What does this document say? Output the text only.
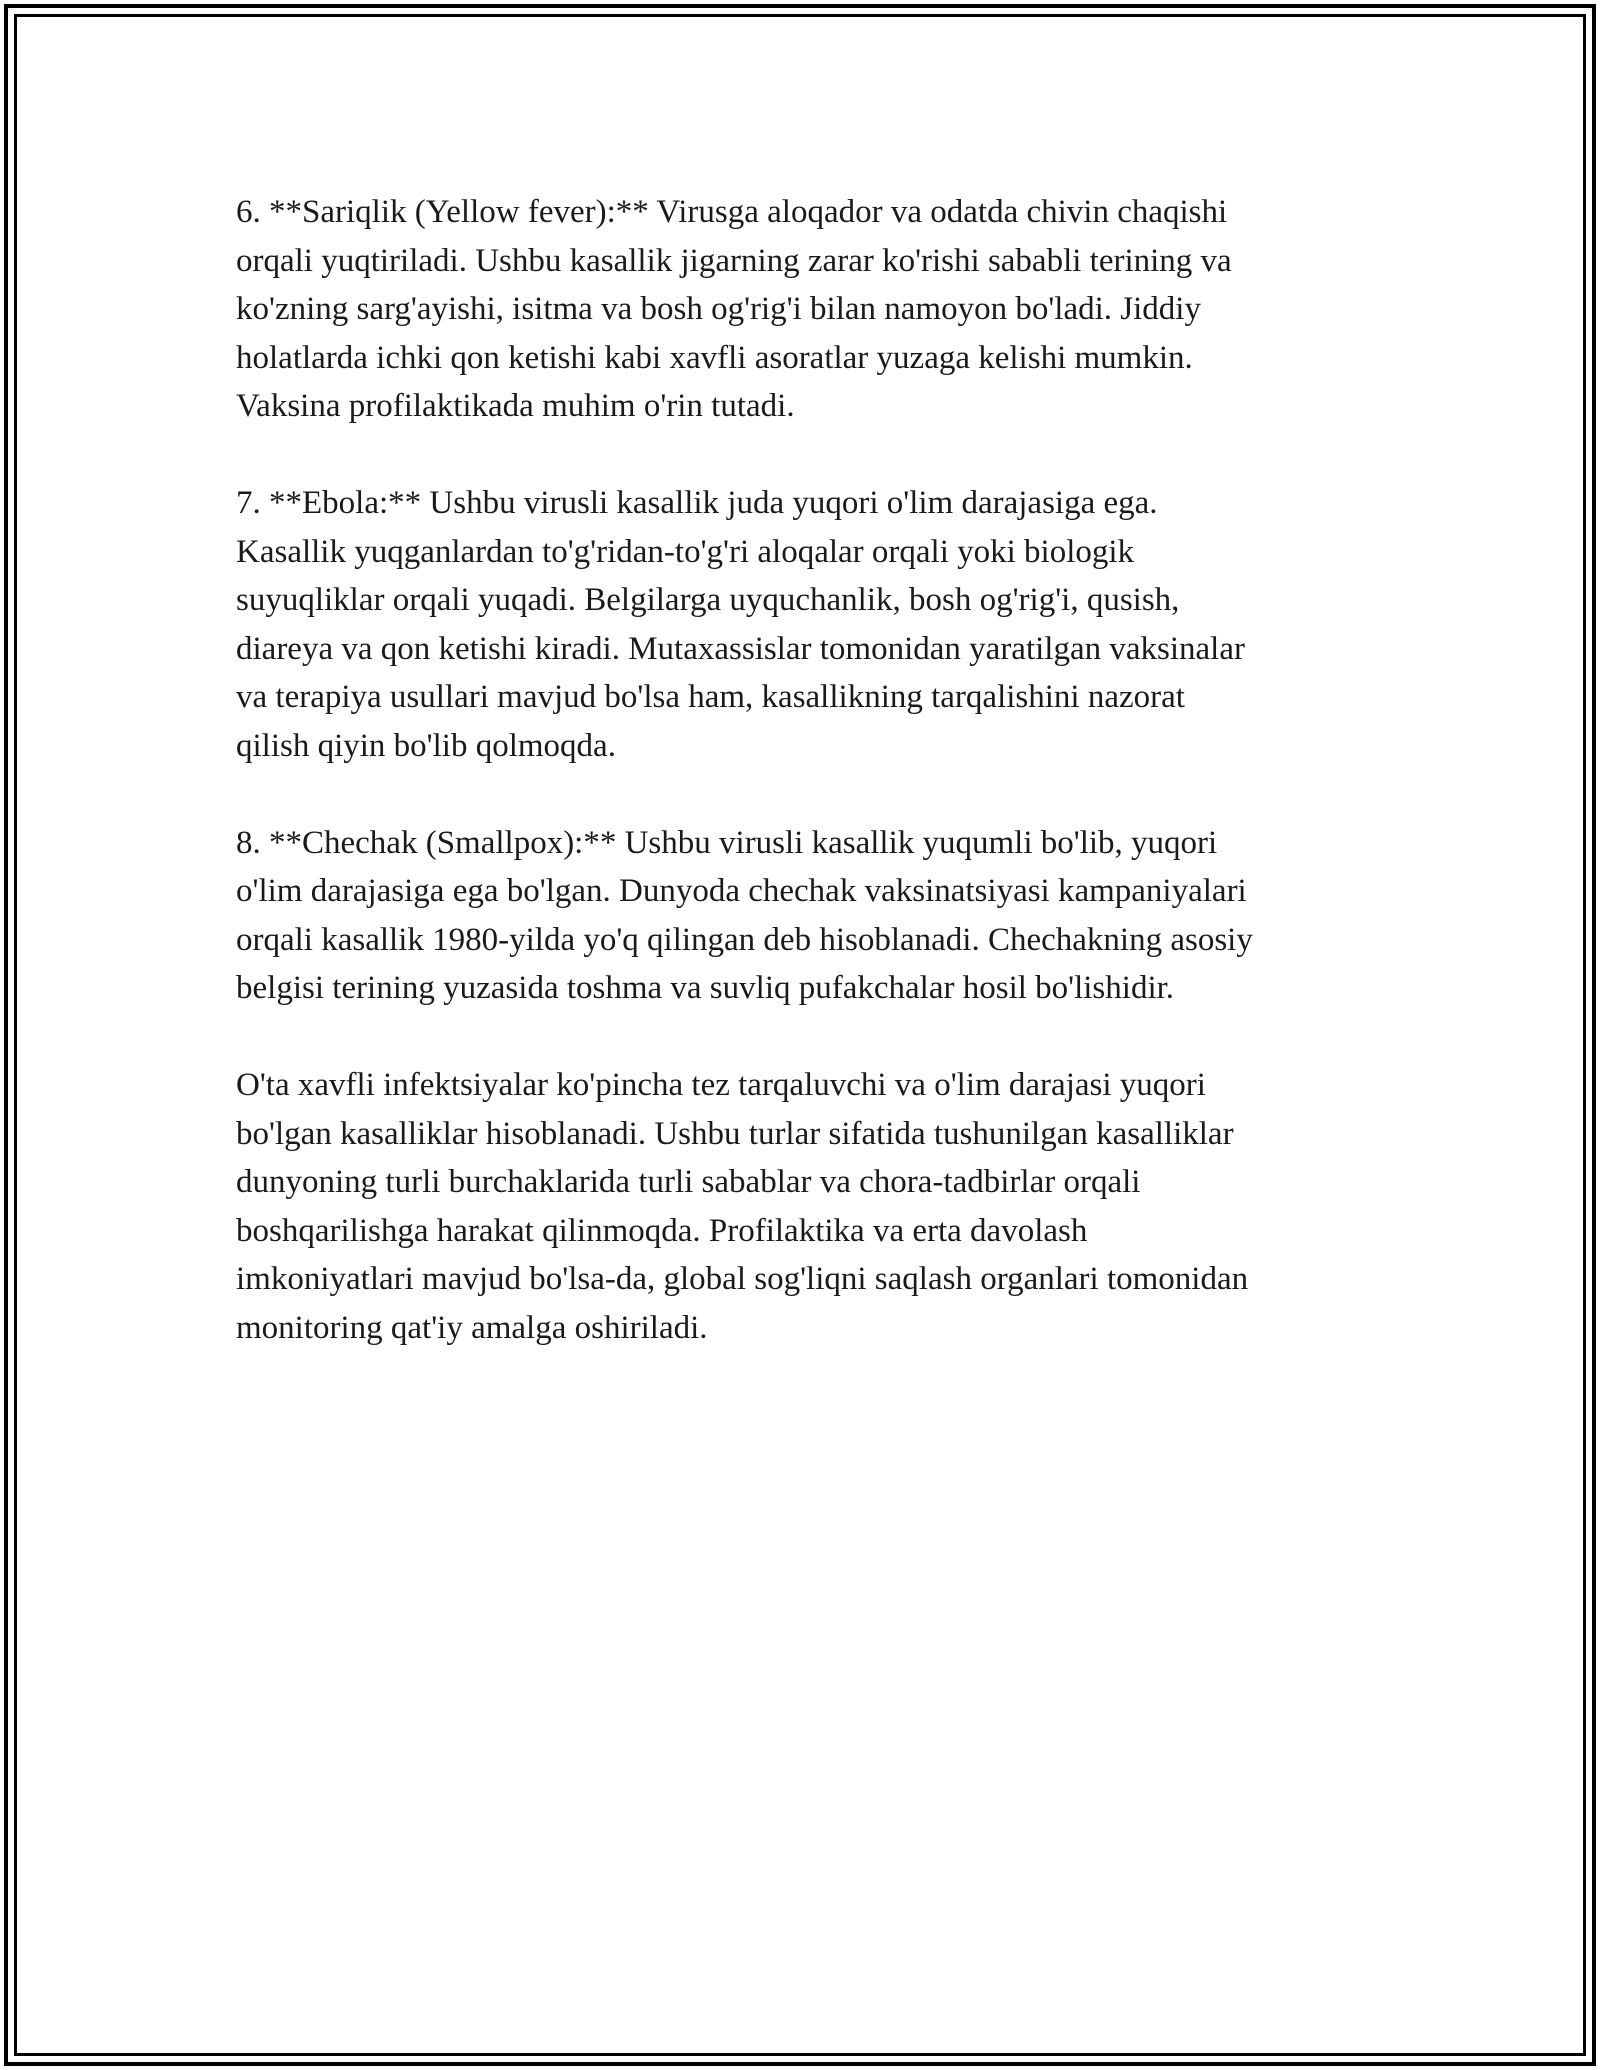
6. **Sariqlik (Yellow fever):** Virusga aloqador va odatda chivin chaqishi
orqali yuqtiriladi. Ushbu kasallik jigarning zarar ko'rishi sababli terining va
ko'zning sarg'ayishi, isitma va bosh og'rig'i bilan namoyon bo'ladi. Jiddiy
holatlarda ichki qon ketishi kabi xavfli asoratlar yuzaga kelishi mumkin.
Vaksina profilaktikada muhim o'rin tutadi.

7. **Ebola:** Ushbu virusli kasallik juda yuqori o'lim darajasiga ega.
Kasallik yuqganlardan to'g'ridan-to'g'ri aloqalar orqali yoki biologik
suyuqliklar orqali yuqadi. Belgilarga uyquchanlik, bosh og'rig'i, qusish,
diareya va qon ketishi kiradi. Mutaxassislar tomonidan yaratilgan vaksinalar
va terapiya usullari mavjud bo'lsa ham, kasallikning tarqalishini nazorat
qilish qiyin bo'lib qolmoqda.

8. **Chechak (Smallpox):** Ushbu virusli kasallik yuqumli bo'lib, yuqori
o'lim darajasiga ega bo'lgan. Dunyoda chechak vaksinatsiyasi kampaniyalari
orqali kasallik 1980-yilda yo'q qilingan deb hisoblanadi. Chechakning asosiy
belgisi terining yuzasida toshma va suvliq pufakchalar hosil bo'lishidir.

O'ta xavfli infektsiyalar ko'pincha tez tarqaluvchi va o'lim darajasi yuqori
bo'lgan kasalliklar hisoblanadi. Ushbu turlar sifatida tushunilgan kasalliklar
dunyoning turli burchaklarida turli sabablar va chora-tadbirlar orqali
boshqarilishga harakat qilinmoqda. Profilaktika va erta davolash
imkoniyatlari mavjud bo'lsa-da, global sog'liqni saqlash organlari tomonidan
monitoring qat'iy amalga oshiriladi.
